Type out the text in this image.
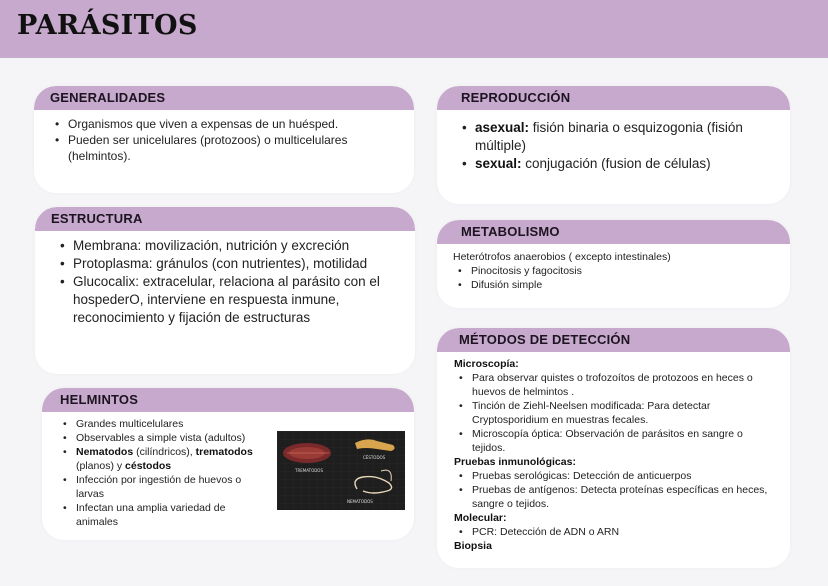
PARÁSITOS
GENERALIDADES
• Organismos que viven a expensas de un huésped.
• Pueden ser unicelulares (protozoos) o multicelulares (helmintos).
REPRODUCCIÓN
• asexual: fisión binaria o esquizogonia (fisión múltiple)
• sexual: conjugación (fusion de células)
ESTRUCTURA
• Membrana: movilización, nutrición y excreción
• Protoplasma: gránulos (con nutrientes), motilidad
• Glucocalix: extracelular, relaciona al parásito con el hospederO, interviene en respuesta inmune, reconocimiento y fijación de estructuras
METABOLISMO
Heterótrofos anaerobios ( excepto intestinales)
• Pinocitosis y fagocitosis
• Difusión simple
HELMINTOS
• Grandes multicelulares
• Observables a simple vista (adultos)
• Nematodos (cilíndricos), trematodos (planos) y céstodos
• Infección por ingestión de huevos o larvas
• Infectan una amplia variedad de animales
TREMATODOS
CÉSTODOS
NEMATODOS
MÉTODOS DE DETECCIÓN
Microscopía:
• Para observar quistes o trofozoítos de protozoos en heces o huevos de helmintos .
• Tinción de Ziehl-Neelsen modificada: Para detectar Cryptosporidium en muestras fecales.
• Microscopía óptica: Observación de parásitos en sangre o tejidos.
Pruebas inmunológicas:
• Pruebas serológicas: Detección de anticuerpos
• Pruebas de antígenos: Detecta proteínas específicas en heces, sangre o tejidos.
Molecular:
• PCR: Detección de ADN o ARN
Biopsia
